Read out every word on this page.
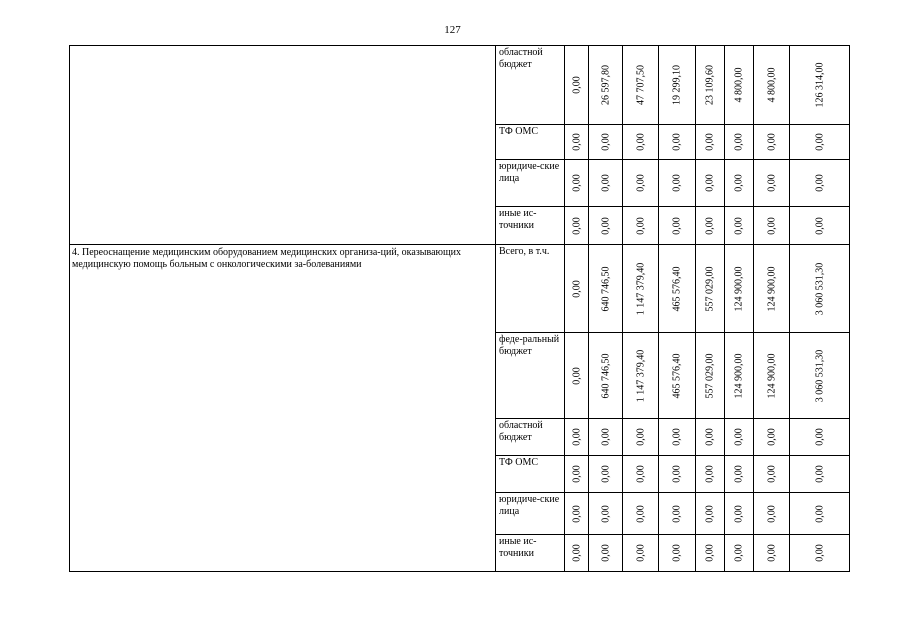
127
	областной бюджет	0,00	26 597,80	47 707,50	19 299,10	23 109,60	4 800,00	4 800,00	126 314,00

	ТФ ОМС	0,00	0,00	0,00	0,00	0,00	0,00	0,00	0,00

	юридиче-ские лица	0,00	0,00	0,00	0,00	0,00	0,00	0,00	0,00

	иные ис-точники	0,00	0,00	0,00	0,00	0,00	0,00	0,00	0,00

4. Переоснащение медицинским оборудованием медицинских организа-ций, оказывающих медицинскую помощь больным с онкологическими за-болеваниями	Всего, в т.ч.	0,00	640 746,50	1 147 379,40	465 576,40	557 029,00	124 900,00	124 900,00	3 060 531,30

	феде-ральный бюджет	0,00	640 746,50	1 147 379,40	465 576,40	557 029,00	124 900,00	124 900,00	3 060 531,30

	областной бюджет	0,00	0,00	0,00	0,00	0,00	0,00	0,00	0,00

	ТФ ОМС	0,00	0,00	0,00	0,00	0,00	0,00	0,00	0,00

	юридиче-ские лица	0,00	0,00	0,00	0,00	0,00	0,00	0,00	0,00

	иные ис-точники	0,00	0,00	0,00	0,00	0,00	0,00	0,00	0,00
